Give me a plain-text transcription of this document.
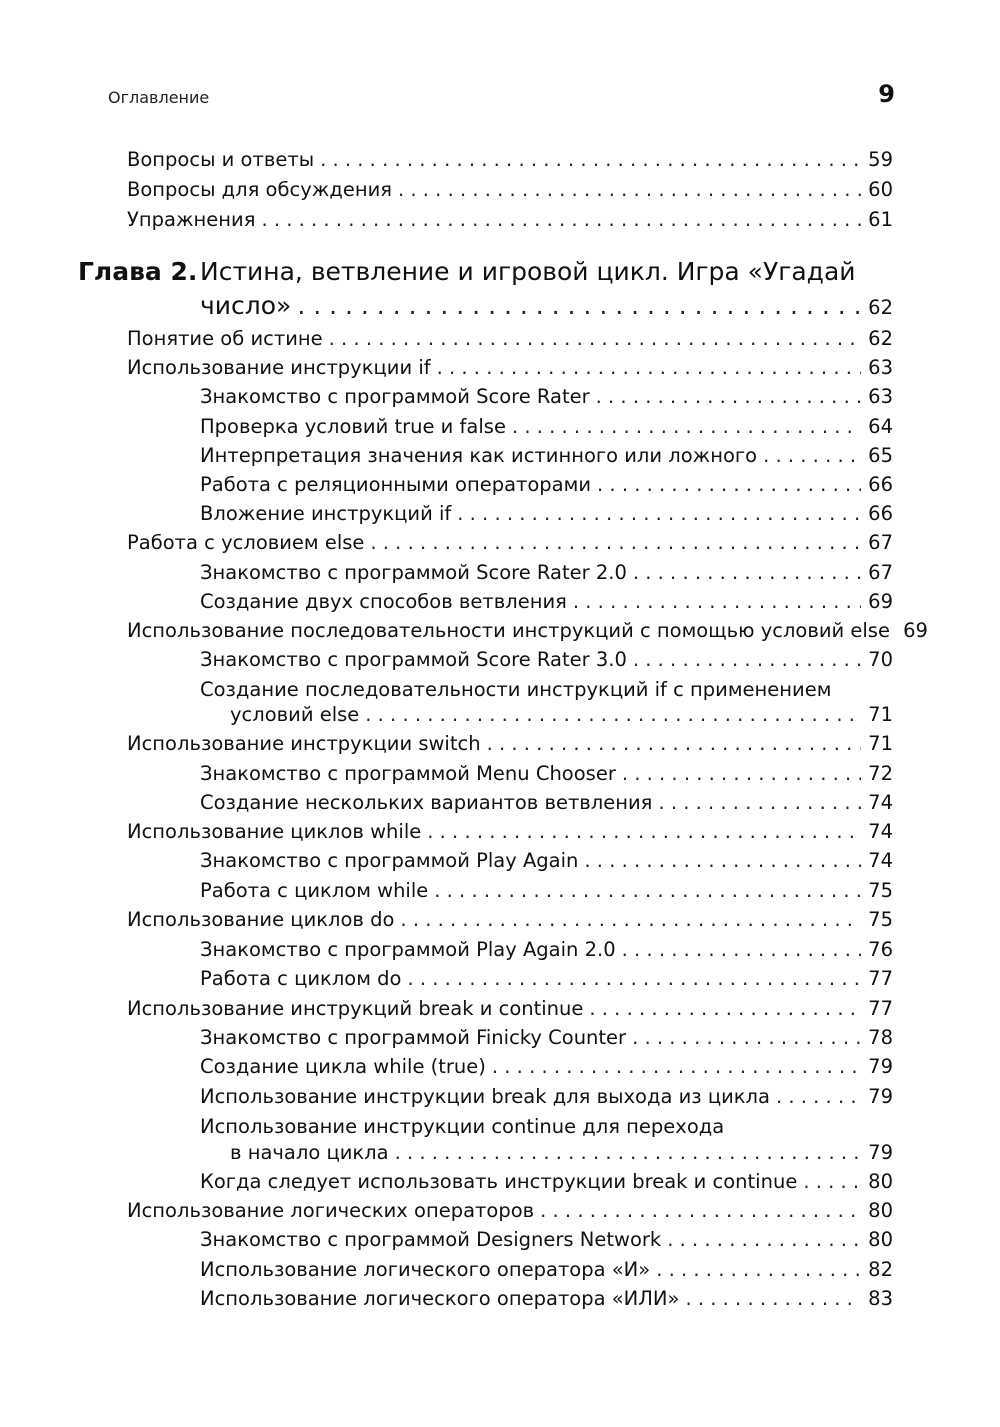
Оглавление	9
Вопросы и ответы . . .	59
Вопросы для обсуждения . . .	60
Упражнения . . .	61
Глава 2. Истина, ветвление и игровой цикл. Игра «Угадай
число» . . .	62
Понятие об истине . . .	62
Использование инструкции if . . .	63
Знакомство с программой Score Rater . . .	63
Проверка условий true и false . . .	64
Интерпретация значения как истинного или ложного . . .	65
Работа с реляционными операторами . . .	66
Вложение инструкций if . . .	66
Работа с условием else . . .	67
Знакомство с программой Score Rater 2.0 . . .	67
Создание двух способов ветвления . . .	69
Использование последовательности инструкций с помощью условий else 69
Знакомство с программой Score Rater 3.0 . . .	70
Создание последовательности инструкций if с применением
условий else . . .	71
Использование инструкции switch . . .	71
Знакомство с программой Menu Chooser . . .	72
Создание нескольких вариантов ветвления . . .	74
Использование циклов while . . .	74
Знакомство с программой Play Again . . .	74
Работа с циклом while . . .	75
Использование циклов do . . .	75
Знакомство с программой Play Again 2.0 . . .	76
Работа с циклом do . . .	77
Использование инструкций break и continue . . .	77
Знакомство с программой Finicky Counter . . .	78
Создание цикла while (true) . . .	79
Использование инструкции break для выхода из цикла . . .	79
Использование инструкции continue для перехода
в начало цикла . . .	79
Когда следует использовать инструкции break и continue . . .	80
Использование логических операторов . . .	80
Знакомство с программой Designers Network . . .	80
Использование логического оператора «И» . . .	82
Использование логического оператора «ИЛИ» . . .	83
